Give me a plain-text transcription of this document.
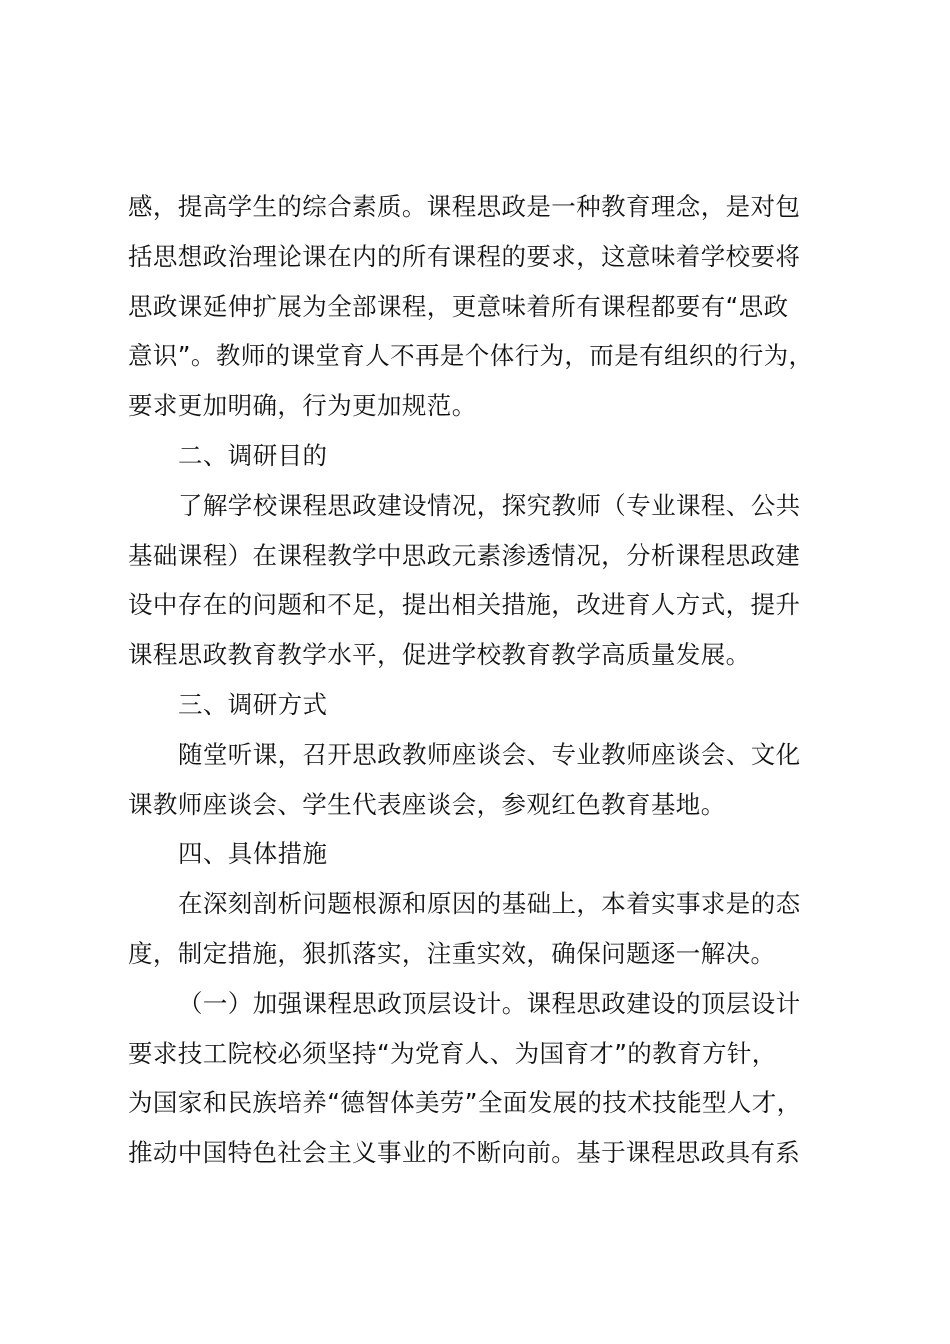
感，提高学生的综合素质。课程思政是一种教育理念，是对包
括思想政治理论课在内的所有课程的要求，这意味着学校要将
思政课延伸扩展为全部课程，更意味着所有课程都要有“思政
意识”。教师的课堂育人不再是个体行为，而是有组织的行为，
要求更加明确，行为更加规范。
二、调研目的
了解学校课程思政建设情况，探究教师（专业课程、公共
基础课程）在课程教学中思政元素渗透情况，分析课程思政建
设中存在的问题和不足，提出相关措施，改进育人方式，提升
课程思政教育教学水平，促进学校教育教学高质量发展。
三、调研方式
随堂听课，召开思政教师座谈会、专业教师座谈会、文化
课教师座谈会、学生代表座谈会，参观红色教育基地。
四、具体措施
在深刻剖析问题根源和原因的基础上，本着实事求是的态
度，制定措施，狠抓落实，注重实效，确保问题逐一解决。
（一）加强课程思政顶层设计。课程思政建设的顶层设计
要求技工院校必须坚持“为党育人、为国育才”的教育方针，
为国家和民族培养“德智体美劳”全面发展的技术技能型人才，
推动中国特色社会主义事业的不断向前。基于课程思政具有系
